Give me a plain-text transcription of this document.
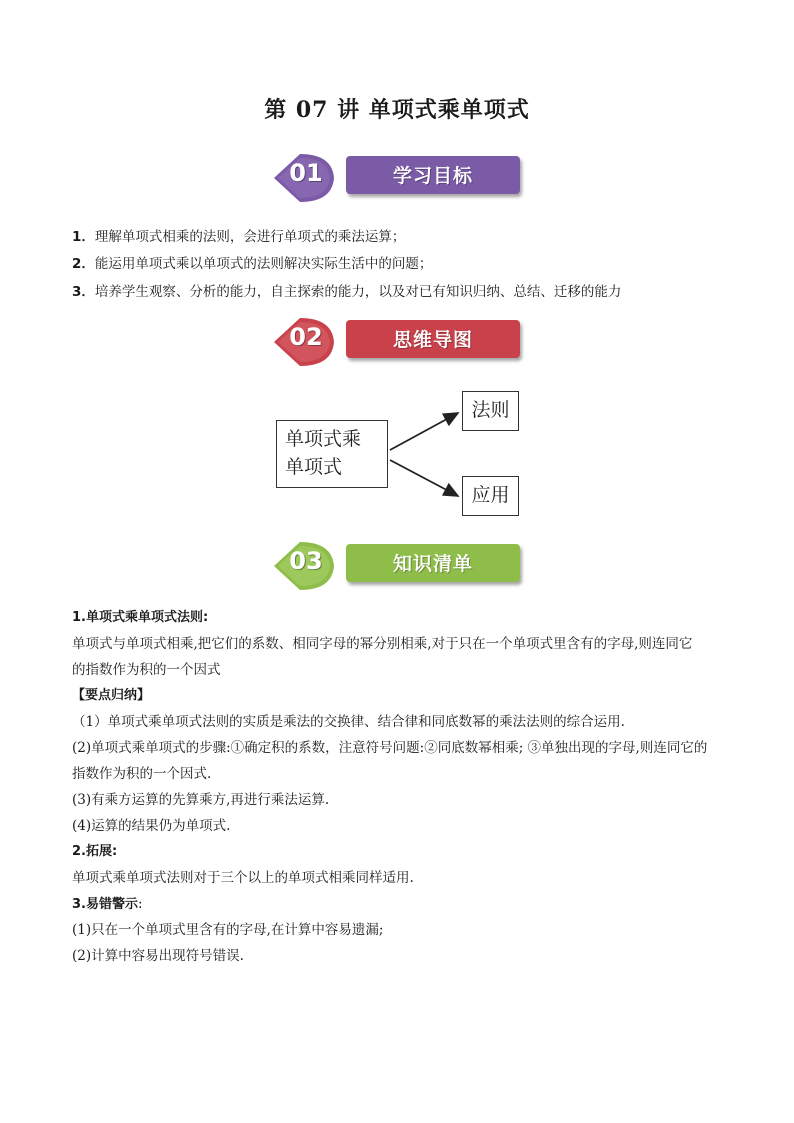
第 07 讲 单项式乘单项式
01	学习目标
1．理解单项式相乘的法则，会进行单项式的乘法运算；
2．能运用单项式乘以单项式的法则解决实际生活中的问题；
3．培养学生观察、分析的能力，自主探索的能力，以及对已有知识归纳、总结、迁移的能力
02	思维导图
单项式乘
单项式
法则
应用
03	知识清单
1.单项式乘单项式法则:
单项式与单项式相乘,把它们的系数、相同字母的幂分别相乘,对于只在一个单项式里含有的字母,则连同它
的指数作为积的一个因式
【要点归纳】
（1）单项式乘单项式法则的实质是乘法的交换律、结合律和同底数幂的乘法法则的综合运用.
(2)单项式乘单项式的步骤:①确定积的系数，注意符号问题:②同底数幂相乘; ③单独出现的字母,则连同它的
指数作为积的一个因式.
(3)有乘方运算的先算乘方,再进行乘法运算.
(4)运算的结果仍为单项式.
2.拓展:
单项式乘单项式法则对于三个以上的单项式相乘同样适用.
3.易错警示:
(1)只在一个单项式里含有的字母,在计算中容易遗漏;
(2)计算中容易出现符号错误.
